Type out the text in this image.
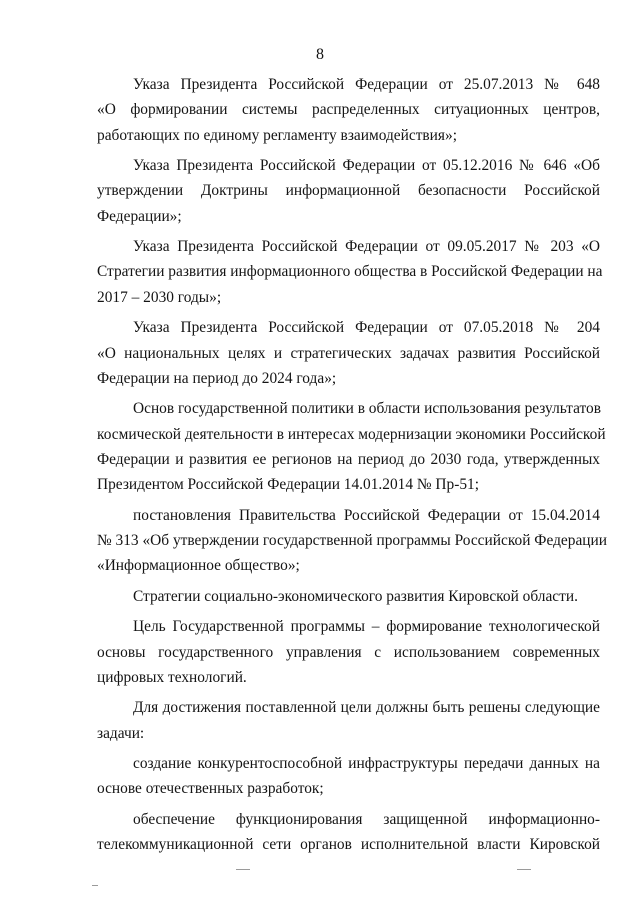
8

Указа Президента Российской Федерации от 25.07.2013 № 648
«О формировании системы распределенных ситуационных центров,
работающих по единому регламенту взаимодействия»;

Указа Президента Российской Федерации от 05.12.2016 № 646 «Об
утверждении Доктрины информационной безопасности Российской
Федерации»;

Указа Президента Российской Федерации от 09.05.2017 № 203 «О
Стратегии развития информационного общества в Российской Федерации на
2017 – 2030 годы»;

Указа Президента Российской Федерации от 07.05.2018 № 204
«О национальных целях и стратегических задачах развития Российской
Федерации на период до 2024 года»;

Основ государственной политики в области использования результатов
космической деятельности в интересах модернизации экономики Российской
Федерации и развития ее регионов на период до 2030 года, утвержденных
Президентом Российской Федерации 14.01.2014 № Пр-51;

постановления Правительства Российской Федерации от 15.04.2014
№ 313 «Об утверждении государственной программы Российской Федерации
«Информационное общество»;

Стратегии социально-экономического развития Кировской области.

Цель Государственной программы – формирование технологической
основы государственного управления с использованием современных
цифровых технологий.

Для достижения поставленной цели должны быть решены следующие
задачи:

создание конкурентоспособной инфраструктуры передачи данных на
основе отечественных разработок;

обеспечение функционирования защищенной информационно-
телекоммуникационной сети органов исполнительной власти Кировской
